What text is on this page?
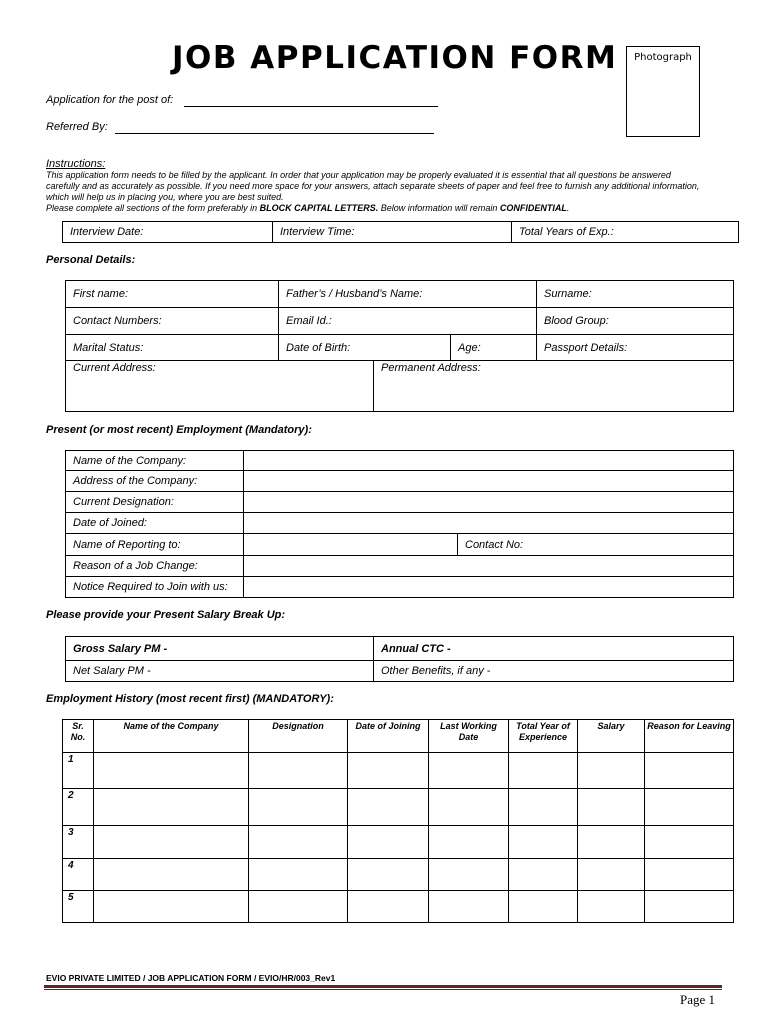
JOB APPLICATION FORM	Photograph
Application for the post of:
Referred By:
Instructions:
This application form needs to be filled by the applicant. In order that your application may be properly evaluated it is essential that all questions be answered carefully and as accurately as possible. If you need more space for your answers, attach separate sheets of paper and feel free to furnish any additional information, which will help us in placing you, where you are best suited.
Please complete all sections of the form preferably in BLOCK CAPITAL LETTERS. Below information will remain CONFIDENTIAL.
Interview Date:	Interview Time:	Total Years of Exp.:
Personal Details:
First name:	Father’s / Husband’s Name:			Surname:
Contact Numbers:	Email Id.:			Blood Group:
Marital Status:	Date of Birth:		Age:	Passport Details:
Current Address:		Permanent Address:		
Present (or most recent) Employment (Mandatory):
Name of the Company:		
Address of the Company:		
Current Designation:		
Date of Joined:		
Name of Reporting to:		Contact No:
Reason of a Job Change:		
Notice Required to Join with us:		
Please provide your Present Salary Break Up:
Gross Salary PM -	Annual CTC -
Net Salary PM -	Other Benefits, if any -
Employment History (most recent first) (MANDATORY):
Sr. No.	Name of the Company	Designation	Date of Joining	Last Working Date	Total Year of Experience	Salary	Reason for Leaving
1							
2							
3							
4							
5							
EVIO PRIVATE LIMITED / JOB APPLICATION FORM / EVIO/HR/003_Rev1
Page 1
